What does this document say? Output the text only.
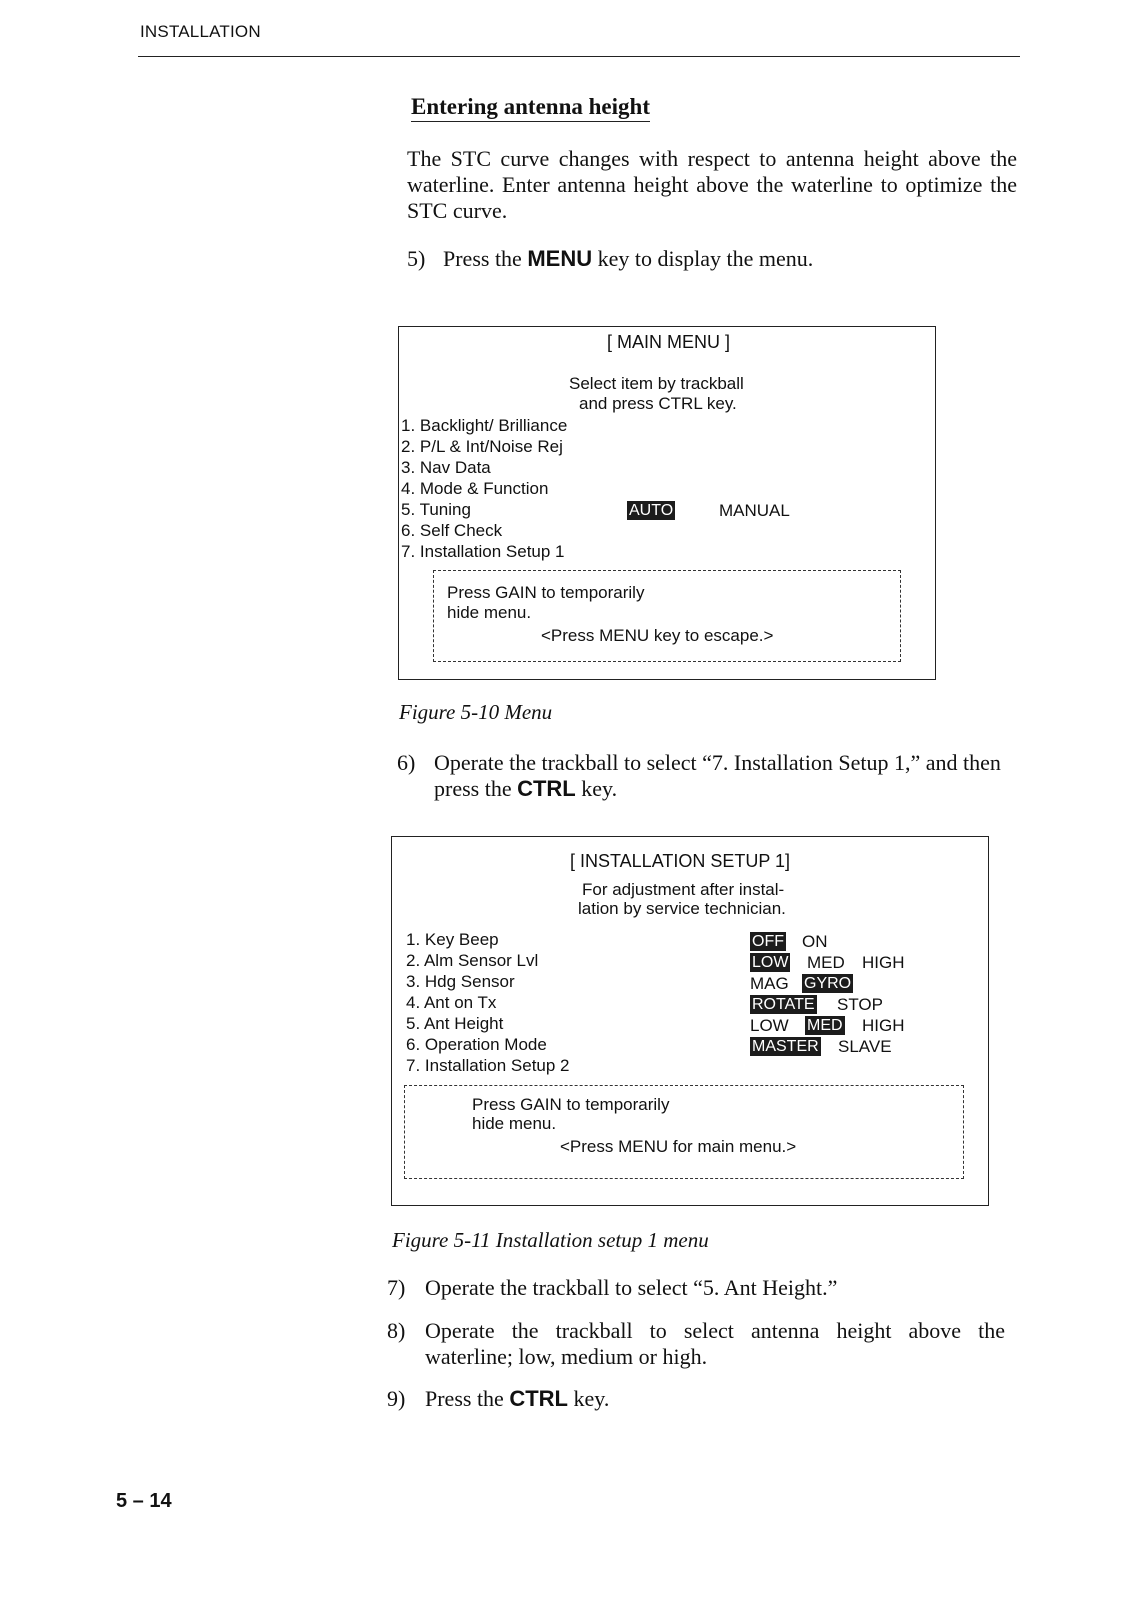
INSTALLATION
Entering antenna height
The STC curve changes with respect to antenna height above the waterline. Enter antenna height above the waterline to optimize the STC curve.
5) Press the MENU key to display the menu.
[ MAIN MENU ]
Select item by trackball
and press CTRL key.
1. Backlight/ Brilliance
2. P/L & Int/Noise Rej
3. Nav Data
4. Mode & Function
5. Tuning
6. Self Check
7. Installation Setup 1
AUTO	MANUAL
Press GAIN to temporarily
hide menu.
<Press MENU key to escape.>
Figure 5-10 Menu
6) Operate the trackball to select “7. Installation Setup 1,” and then press the CTRL key.
[ INSTALLATION SETUP 1]
For adjustment after instal-
lation by service technician.
1. Key Beep
2. Alm Sensor Lvl
3. Hdg Sensor
4. Ant on Tx
5. Ant Height
6. Operation Mode
7. Installation Setup 2
OFF ON
LOW MED HIGH
MAG GYRO
ROTATE STOP
LOW MED HIGH
MASTER SLAVE
Press GAIN to temporarily
hide menu.
<Press MENU for main menu.>
Figure 5-11 Installation setup 1 menu
7) Operate the trackball to select “5. Ant Height.”
8) Operate the trackball to select antenna height above the waterline; low, medium or high.
9) Press the CTRL key.
5 – 14
